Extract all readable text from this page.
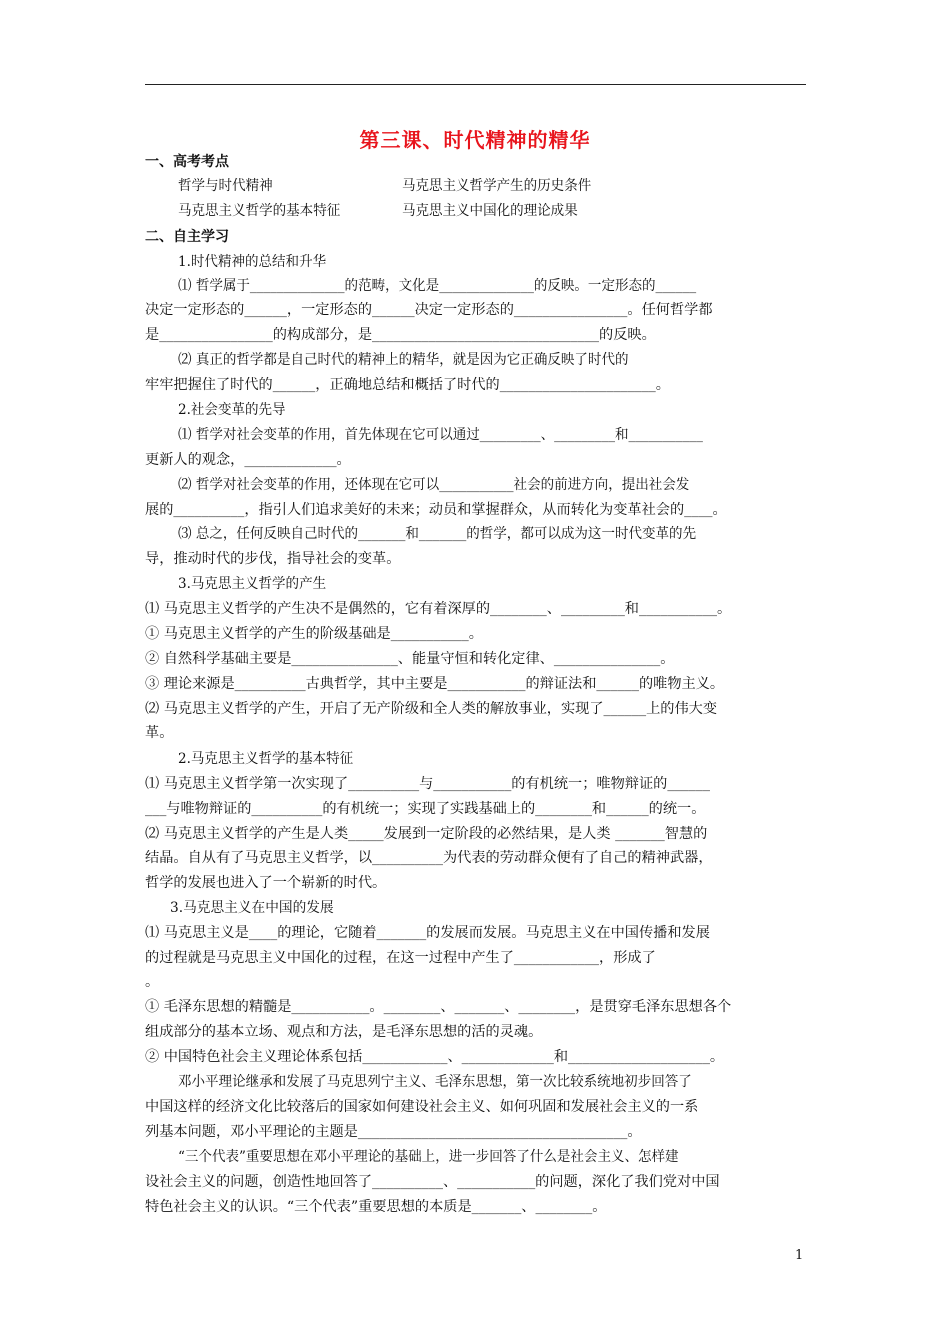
第三课、时代精神的精华
一、高考考点
哲学与时代精神	马克思主义哲学产生的历史条件
马克思主义哲学的基本特征	马克思主义中国化的理论成果
二、自主学习
1.时代精神的总结和升华
⑴ 哲学属于______________的范畴，文化是______________的反映。一定形态的______
决定一定形态的______，一定形态的______决定一定形态的________________。任何哲学都
是________________的构成部分，是________________________________的反映。
⑵ 真正的哲学都是自己时代的精神上的精华，就是因为它正确反映了时代的
牢牢把握住了时代的______，正确地总结和概括了时代的______________________。
2.社会变革的先导
⑴ 哲学对社会变革的作用，首先体现在它可以通过_________、_________和___________
更新人的观念，_____________。
⑵ 哲学对社会变革的作用，还体现在它可以___________社会的前进方向，提出社会发
展的__________，指引人们追求美好的未来；动员和掌握群众，从而转化为变革社会的____。
⑶ 总之，任何反映自己时代的_______和_______的哲学，都可以成为这一时代变革的先
导，推动时代的步伐，指导社会的变革。
3.马克思主义哲学的产生
⑴ 马克思主义哲学的产生决不是偶然的，它有着深厚的________、_________和___________。
① 马克思主义哲学的产生的阶级基础是___________。
② 自然科学基础主要是_______________、能量守恒和转化定律、_______________。
③ 理论来源是__________古典哲学，其中主要是___________的辩证法和______的唯物主义。
⑵ 马克思主义哲学的产生，开启了无产阶级和全人类的解放事业，实现了______上的伟大变
革。
2.马克思主义哲学的基本特征
⑴ 马克思主义哲学第一次实现了__________与___________的有机统一；唯物辩证的______
___与唯物辩证的__________的有机统一；实现了实践基础上的________和______的统一。
⑵ 马克思主义哲学的产生是人类_____发展到一定阶段的必然结果，是人类 _______智慧的
结晶。自从有了马克思主义哲学，以__________为代表的劳动群众便有了自己的精神武器，
哲学的发展也进入了一个崭新的时代。
3.马克思主义在中国的发展
⑴ 马克思主义是____的理论，它随着_______的发展而发展。马克思主义在中国传播和发展
的过程就是马克思主义中国化的过程，在这一过程中产生了____________，形成了
。
① 毛泽东思想的精髓是___________。________、_______、________，是贯穿毛泽东思想各个
组成部分的基本立场、观点和方法，是毛泽东思想的活的灵魂。
② 中国特色社会主义理论体系包括____________、_____________和____________________。
邓小平理论继承和发展了马克思列宁主义、毛泽东思想，第一次比较系统地初步回答了
中国这样的经济文化比较落后的国家如何建设社会主义、如何巩固和发展社会主义的一系
列基本问题，邓小平理论的主题是______________________________________。
“三个代表”重要思想在邓小平理论的基础上，进一步回答了什么是社会主义、怎样建
设社会主义的问题，创造性地回答了__________、___________的问题，深化了我们党对中国
特色社会主义的认识。“三个代表”重要思想的本质是_______、________。
1
